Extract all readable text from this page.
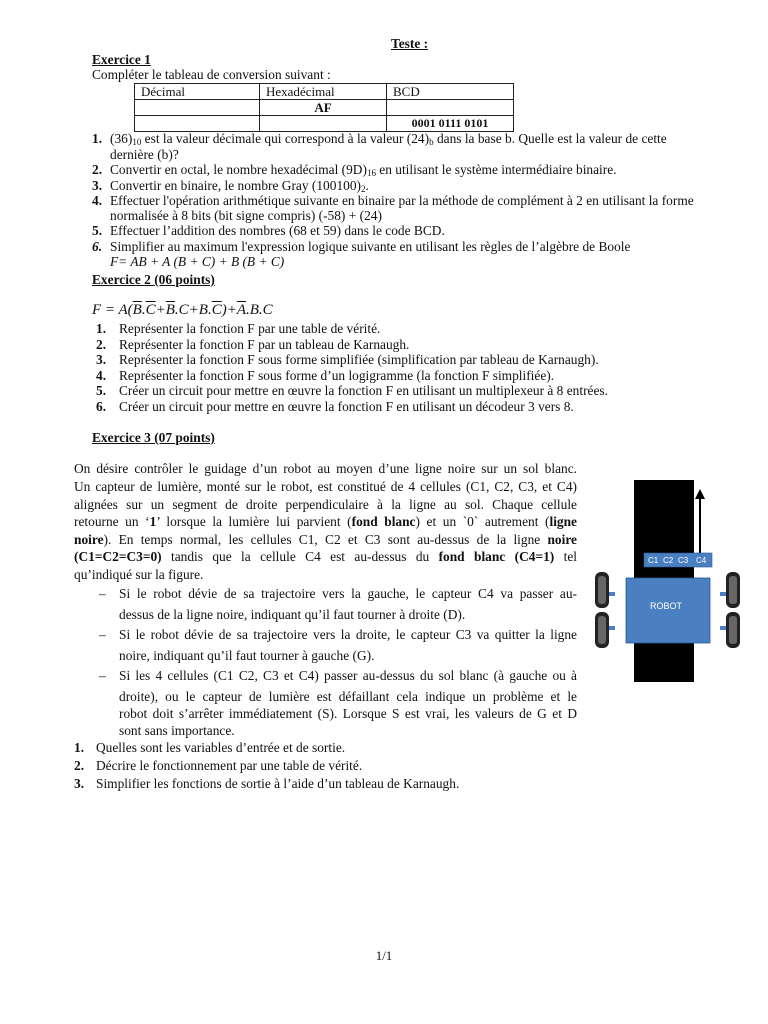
Teste :
Exercice 1
Compléter le tableau de conversion suivant :
Décimal	Hexadécimal	BCD
	AF	
		0001 0111 0101
1. $(36)_{10}$ est la valeur décimale qui correspond à la valeur $(24)_b$ dans la base b. Quelle est la valeur de cette
dernière (b)?
2. Convertir en octal, le nombre hexadécimal $(9D)_{16}$ en utilisant le système intermédiaire binaire.
3. Convertir en binaire, le nombre Gray $(100100)_2$.
4. Effectuer l'opération arithmétique suivante en binaire par la méthode de complément à 2 en utilisant la forme
normalisée à 8 bits (bit signe compris) (-58) + (24)
5. Effectuer l’addition des nombres (68 et 59) dans le code BCD.
6. Simplifier au maximum l'expression logique suivante en utilisant les règles de l’algèbre de Boole
F= AB + A (B + C) + B (B + C)
Exercice 2 (06 points)
$F = A(\overline{B}.\overline{C}+\overline{B}.C+B.\overline{C})+\overline{A}.B.C$
1. Représenter la fonction F par une table de vérité.
2. Représenter la fonction F par un tableau de Karnaugh.
3. Représenter la fonction F sous forme simplifiée (simplification par tableau de Karnaugh).
4. Représenter la fonction F sous forme d’un logigramme (la fonction F simplifiée).
5. Créer un circuit pour mettre en œuvre la fonction F en utilisant un multiplexeur à 8 entrées.
6. Créer un circuit pour mettre en œuvre la fonction F en utilisant un décodeur 3 vers 8.
Exercice 3 (07 points)
On désire contrôler le guidage d’un robot au moyen d’une ligne noire sur un sol blanc.
Un capteur de lumière, monté sur le robot, est constitué de 4 cellules (C1, C2, C3, et C4)
alignées sur un segment de droite perpendiculaire à la ligne au sol. Chaque cellule
retourne un ‘1’ lorsque la lumière lui parvient (fond blanc) et un `0` autrement (ligne
noire). En temps normal, les cellules C1, C2 et C3 sont au-dessus de la ligne noire
(C1=C2=C3=0) tandis que la cellule C4 est au-dessus du fond blanc (C4=1) tel
qu’indiqué sur la figure.
– Si le robot dévie de sa trajectoire vers la gauche, le capteur C4 va passer au-
dessus de la ligne noire, indiquant qu’il faut tourner à droite (D).
– Si le robot dévie de sa trajectoire vers la droite, le capteur C3 va quitter la ligne
noire, indiquant qu’il faut tourner à gauche (G).
– Si les 4 cellules (C1 C2, C3 et C4) passer au-dessus du sol blanc (à gauche ou à
droite), ou le capteur de lumière est défaillant cela indique un problème et le
robot doit s’arrêter immédiatement (S). Lorsque S est vrai, les valeurs de G et D
sont sans importance.
1. Quelles sont les variables d’entrée et de sortie.
2. Décrire le fonctionnement par une table de vérité.
3. Simplifier les fonctions de sortie à l’aide d’un tableau de Karnaugh.
C1 C2 C3 C4
ROBOT
1/1
